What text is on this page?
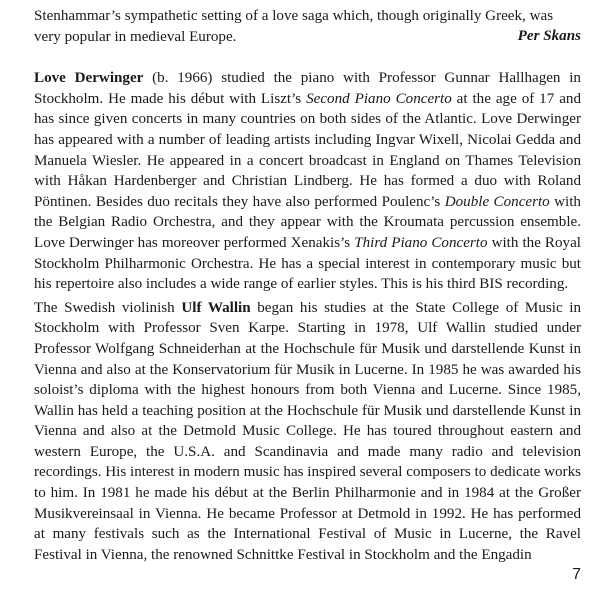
Stenhammar’s sympathetic setting of a love saga which, though originally Greek, was very popular in medieval Europe.	Per Skans

Love Derwinger (b. 1966) studied the piano with Professor Gunnar Hallhagen in Stockholm. He made his début with Liszt’s Second Piano Concerto at the age of 17 and has since given concerts in many countries on both sides of the Atlantic. Love Derwinger has appeared with a number of leading artists including Ingvar Wixell, Nicolai Gedda and Manuela Wiesler. He appeared in a concert broadcast in England on Thames Television with Håkan Hardenberger and Christian Lindberg. He has formed a duo with Roland Pöntinen. Besides duo recitals they have also performed Poulenc’s Double Concerto with the Belgian Radio Orchestra, and they appear with the Kroumata percussion ensemble. Love Derwinger has moreover performed Xenakis’s Third Piano Concerto with the Royal Stockholm Philharmonic Orchestra. He has a special interest in contemporary music but his repertoire also includes a wide range of earlier styles. This is his third BIS recording.

The Swedish violinish Ulf Wallin began his studies at the State College of Music in Stockholm with Professor Sven Karpe. Starting in 1978, Ulf Wallin studied under Professor Wolfgang Schneiderhan at the Hochschule für Musik und darstellende Kunst in Vienna and also at the Konservatorium für Musik in Lucerne. In 1985 he was awarded his soloist’s diploma with the highest honours from both Vienna and Lucerne. Since 1985, Wallin has held a teaching position at the Hochschule für Musik und darstellende Kunst in Vienna and also at the Detmold Music College. He has toured throughout eastern and western Europe, the U.S.A. and Scandinavia and made many radio and television recordings. His interest in modern music has inspired several composers to dedicate works to him. In 1981 he made his début at the Berlin Philharmonie and in 1984 at the Großer Musikvereinsaal in Vienna. He became Professor at Detmold in 1992. He has performed at many festivals such as the International Festival of Music in Lucerne, the Ravel Festival in Vienna, the renowned Schnittke Festival in Stockholm and the Engadin

7
